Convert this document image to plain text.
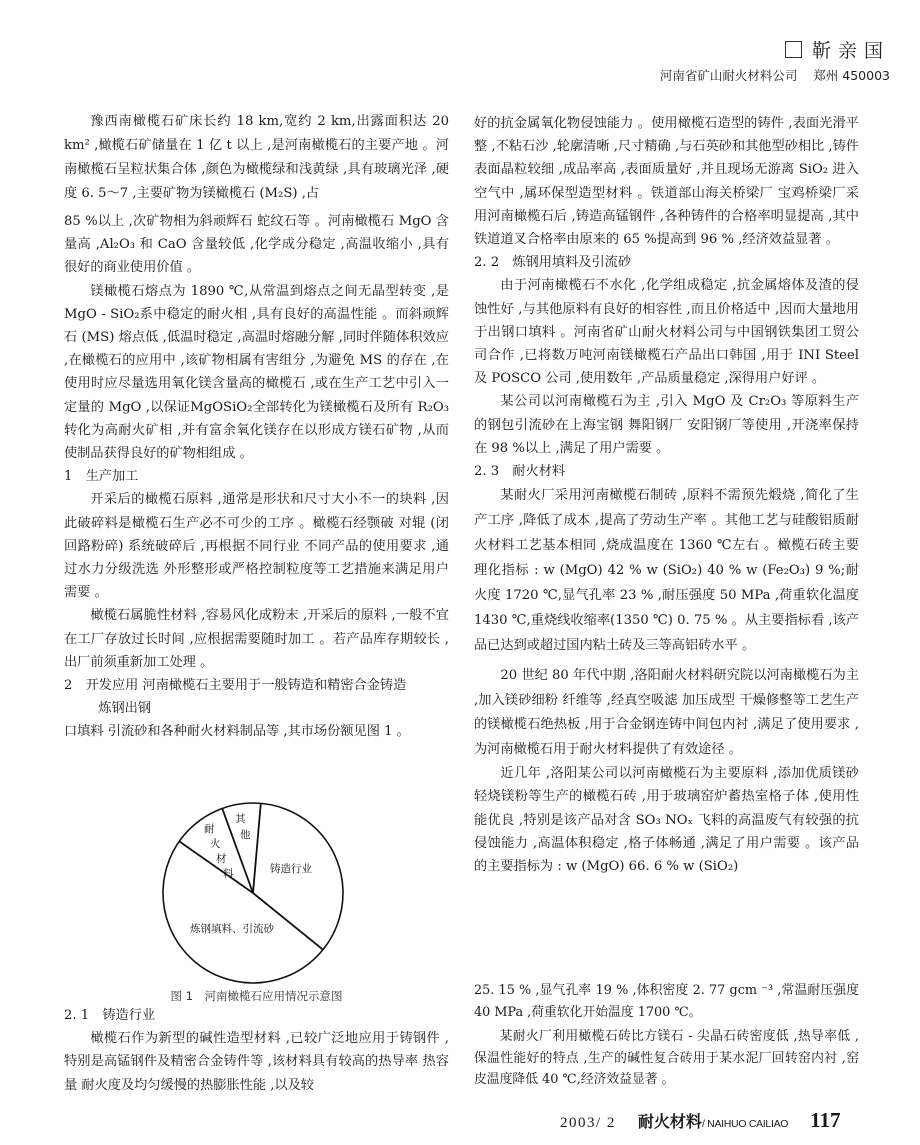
靳亲国
河南省矿山耐火材料公司 郑州 450003

豫西南橄榄石矿床长约 18 km,宽约 2 km,出露面积达 20 km² ,橄榄石矿储量在 1 亿 t 以上 ,是河南橄榄石的主要产地 。河南橄榄石呈粒状集合体 ,颜色为橄榄绿和浅黄绿 ,具有玻璃光泽 ,硬度 6. 5～7 ,主要矿物为镁橄榄石 (M₂S) ,占

85 %以上 ,次矿物相为斜顽辉石 蛇纹石等 。河南橄榄石 MgO 含量高 ,Al₂O₃ 和 CaO 含量较低 ,化学成分稳定 ,高温收缩小 ,具有很好的商业使用价值 。

镁橄榄石熔点为 1890 ℃,从常温到熔点之间无晶型转变 ,是 MgO - SiO₂系中稳定的耐火相 ,具有良好的高温性能 。而斜顽辉石 (MS) 熔点低 ,低温时稳定 ,高温时熔融分解 ,同时伴随体积效应 ,在橄榄石的应用中 ,该矿物相属有害组分 ,为避免 MS 的存在 ,在使用时应尽量选用氧化镁含量高的橄榄石 ,或在生产工艺中引入一定量的 MgO ,以保证MgOSiO₂全部转化为镁橄榄石及所有 R₂O₃ 转化为高耐火矿相 ,并有富余氧化镁存在以形成方镁石矿物 ,从而使制品获得良好的矿物相组成 。

1　生产加工

开采后的橄榄石原料 ,通常是形状和尺寸大小不一的块料 ,因此破碎料是橄榄石生产必不可少的工序 。橄榄石经颚破 对辊 (闭回路粉碎) 系统破碎后 ,再根据不同行业 不同产品的使用要求 ,通过水力分级洗选 外形整形或严格控制粒度等工艺措施来满足用户需要 。

橄榄石属脆性材料 ,容易风化成粉末 ,开采后的原料 ,一般不宜在工厂存放过长时间 ,应根据需要随时加工 。若产品库存期较长 ,出厂前须重新加工处理 。

2　开发应用 河南橄榄石主要用于一般铸造和精密合金铸造

炼钢出钢

口填料 引流砂和各种耐火材料制品等 ,其市场份额见图 1 。

铸造行业
炼钢填料、引流砂
耐
火
材
料
其
他
图 1　河南橄榄石应用情况示意图

2. 1　铸造行业

橄榄石作为新型的碱性造型材料 ,已较广泛地应用于铸钢件 ,特别是高锰钢件及精密合金铸件等 ,该材料具有较高的热导率 热容量 耐火度及均匀缓慢的热膨胀性能 ,以及较

好的抗金属氧化物侵蚀能力 。使用橄榄石造型的铸件 ,表面光滑平整 ,不粘石沙 ,轮廓清晰 ,尺寸精确 ,与石英砂和其他型砂相比 ,铸件表面晶粒较细 ,成品率高 ,表面质量好 ,并且现场无游离 SiO₂ 进入空气中 ,属环保型造型材料 。铁道部山海关桥梁厂 宝鸡桥梁厂采用河南橄榄石后 ,铸造高锰钢件 ,各种铸件的合格率明显提高 ,其中铁道道叉合格率由原来的 65 %提高到 96 % ,经济效益显著 。

2. 2　炼钢用填料及引流砂

由于河南橄榄石不水化 ,化学组成稳定 ,抗金属熔体及渣的侵蚀性好 ,与其他原料有良好的相容性 ,而且价格适中 ,因而大量地用于出钢口填料 。河南省矿山耐火材料公司与中国钢铁集团工贸公司合作 ,已将数万吨河南镁橄榄石产品出口韩国 ,用于 INI Steel 及 POSCO 公司 ,使用数年 ,产品质量稳定 ,深得用户好评 。

某公司以河南橄榄石为主 ,引入 MgO 及 Cr₂O₃ 等原料生产的钢包引流砂在上海宝钢 舞阳钢厂 安阳钢厂等使用 ,开浇率保持在 98 %以上 ,满足了用户需要 。

2. 3　耐火材料

某耐火厂采用河南橄榄石制砖 ,原料不需预先煅烧 ,简化了生产工序 ,降低了成本 ,提高了劳动生产率 。其他工艺与硅酸铝质耐火材料工艺基本相同 ,烧成温度在 1360 ℃左右 。橄榄石砖主要理化指标 : w (MgO) 42 % w (SiO₂) 40 % w (Fe₂O₃) 9 %;耐火度 1720 ℃,显气孔率 23 % ,耐压强度 50 MPa ,荷重软化温度 1430 ℃,重烧线收缩率(1350 ℃) 0. 75 % 。从主要指标看 ,该产品已达到或超过国内粘土砖及三等高铝砖水平 。

20 世纪 80 年代中期 ,洛阳耐火材料研究院以河南橄榄石为主 ,加入镁砂细粉 纤维等 ,经真空吸滤 加压成型 干燥修整等工艺生产的镁橄榄石绝热板 ,用于合金钢连铸中间包内衬 ,满足了使用要求 ,为河南橄榄石用于耐火材料提供了有效途径 。

近几年 ,洛阳某公司以河南橄榄石为主要原料 ,添加优质镁砂 轻烧镁粉等生产的橄榄石砖 ,用于玻璃窑炉蓄热室格子体 ,使用性能优良 ,特别是该产品对含 SO₃ NOₓ 飞料的高温废气有较强的抗侵蚀能力 ,高温体积稳定 ,格子体畅通 ,满足了用户需要 。该产品的主要指标为 : w (MgO) 66. 6 % w (SiO₂)

25. 15 % ,显气孔率 19 % ,体积密度 2. 77 gcm ⁻³ ,常温耐压强度 40 MPa ,荷重软化开始温度 1700 ℃。

某耐火厂利用橄榄石砖比方镁石 - 尖晶石砖密度低 ,热导率低 ,保温性能好的特点 ,生产的碱性复合砖用于某水泥厂回转窑内衬 ,窑皮温度降低 40 ℃,经济效益显著 。

2003/ 2 耐火材料/ NAIHUO CAILIAO 117
